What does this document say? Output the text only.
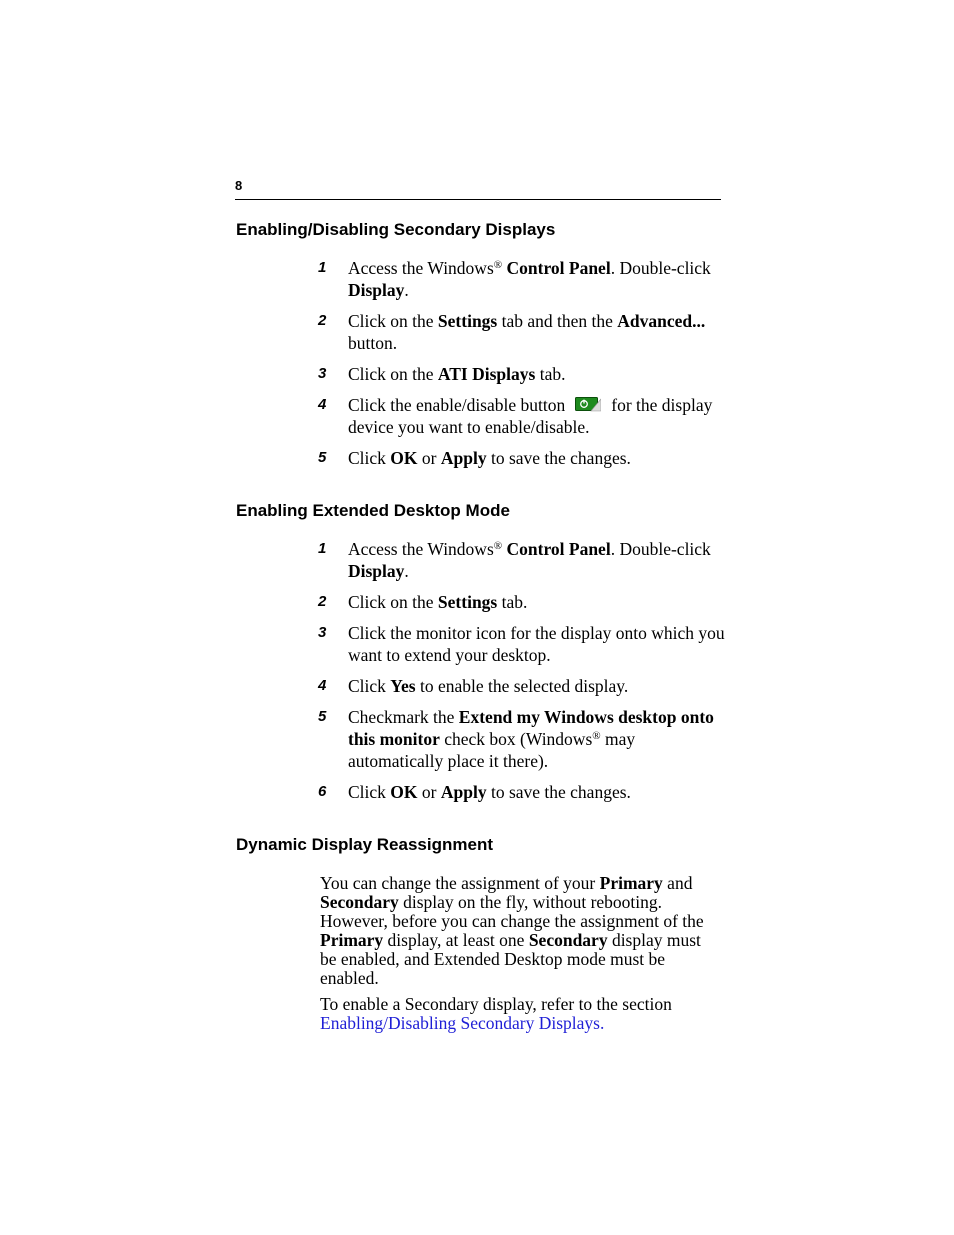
8
Enabling/Disabling Secondary Displays
1	Access the Windows® Control Panel. Double-click Display.
2	Click on the Settings tab and then the Advanced... button.
3	Click on the ATI Displays tab.
4	Click the enable/disable button	for the display device you want to enable/disable.
5	Click OK or Apply to save the changes.
Enabling Extended Desktop Mode
1	Access the Windows® Control Panel. Double-click Display.
2	Click on the Settings tab.
3	Click the monitor icon for the display onto which you want to extend your desktop.
4	Click Yes to enable the selected display.
5	Checkmark the Extend my Windows desktop onto this monitor check box (Windows® may automatically place it there).
6	Click OK or Apply to save the changes.
Dynamic Display Reassignment

You can change the assignment of your Primary and Secondary display on the fly, without rebooting. However, before you can change the assignment of the Primary display, at least one Secondary display must be enabled, and Extended Desktop mode must be enabled.

To enable a Secondary display, refer to the section Enabling/Disabling Secondary Displays.
